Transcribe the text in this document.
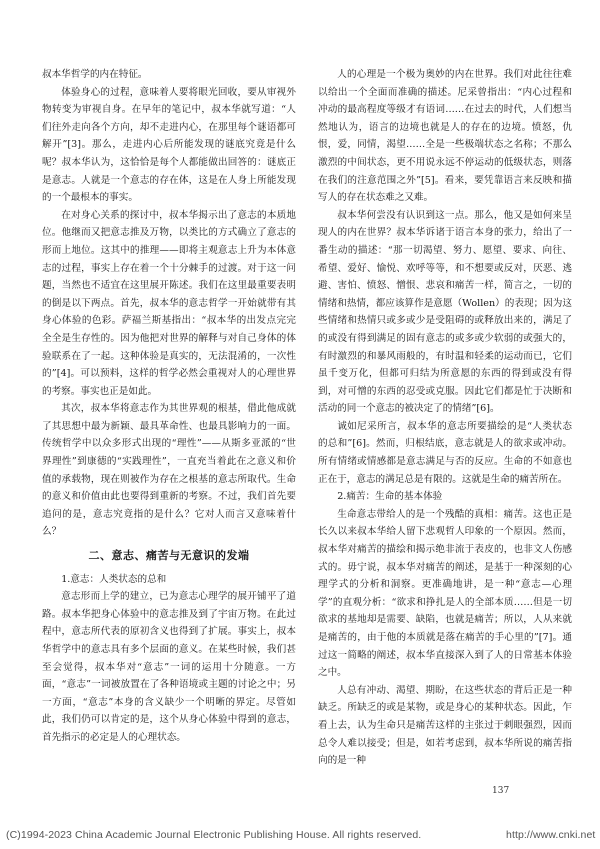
叔本华哲学的内在特征。

体验身心的过程，意味着人要将眼光回收，要从审视外物转变为审视自身。在早年的笔记中，叔本华就写道：“人们往外走向各个方向，却不走进内心，在那里每个谜语都可解开”[3]。那么，走进内心后所能发现的谜底究竟是什么呢？叔本华认为，这恰恰是每个人都能做出回答的：谜底正是意志。人就是一个意志的存在体，这是在人身上所能发现的一个最根本的事实。

在对身心关系的探讨中，叔本华揭示出了意志的本质地位。他继而又把意志推及万物，以类比的方式确立了意志的形而上地位。这其中的推理——即将主观意志上升为本体意志的过程，事实上存在着一个十分棘手的过渡。对于这一问题，当然也不适宜在这里展开陈述。我们在这里最重要表明的倒是以下两点。首先，叔本华的意志哲学一开始就带有其身心体验的色彩。萨福兰斯基指出：“叔本华的出发点完完全全是生存性的。因为他把对世界的解释与对自己身体的体验联系在了一起。这种体验是真实的，无法混淆的，一次性的”[4]。可以预料，这样的哲学必然会重视对人的心理世界的考察。事实也正是如此。

其次，叔本华将意志作为其世界观的根基，借此他成就了其思想中最为新颖、最具革命性、也最具影响力的一面。传统哲学中以众多形式出现的“理性”——从斯多亚派的“世界理性”到康德的“实践理性”，一直充当着此在之意义和价值的承载物，现在则被作为存在之根基的意志所取代。生命的意义和价值由此也要得到重新的考察。不过，我们首先要追问的是，意志究竟指的是什么？它对人而言又意味着什么？

二、意志、痛苦与无意识的发端
1.意志：人类状态的总和

意志形而上学的建立，已为意志心理学的展开铺平了道路。叔本华把身心体验中的意志推及到了宇宙万物。在此过程中，意志所代表的原初含义也得到了扩展。事实上，叔本华哲学中的意志具有多个层面的意义。在某些时候，我们甚至会觉得，叔本华对“意志”一词的运用十分随意。一方面，“意志”一词被放置在了各种语境或主题的讨论之中；另一方面，“意志”本身的含义缺少一个明晰的界定。尽管如此，我们仍可以肯定的是，这个从身心体验中得到的意志，首先指示的必定是人的心理状态。

人的心理是一个极为奥妙的内在世界。我们对此往往难以给出一个全面而准确的描述。尼采曾指出：“内心过程和冲动的最高程度等级才有语词……在过去的时代，人们想当然地认为，语言的边境也就是人的存在的边境。愤怒，仇恨，爱，同情，渴望……全是一些极端状态之名称；不那么激烈的中间状态，更不用说永远不停运动的低级状态，则落在我们的注意范围之外”[5]。看来，要凭靠语言来反映和描写人的存在状态难之又难。

叔本华何尝没有认识到这一点。那么，他又是如何来呈现人的内在世界？叔本华诉诸于语言本身的张力，给出了一番生动的描述：“那一切渴望、努力、愿望、要求、向往、希望、爱好、愉悦、欢呼等等，和不想要或反对，厌恶、逃避、害怕、愤怒、憎恨、悲哀和痛苦一样，简言之，一切的情绪和热情，都应该算作是意愿（Wollen）的表现；因为这些情绪和热情只或多或少是受阻碍的或释放出来的，满足了的或没有得到满足的固有意志的或多或少软弱的或强大的，有时激烈的和暴风雨般的，有时温和轻柔的运动而已，它们虽千变万化，但都可归结为所意愿的东西的得到或没有得到，对可憎的东西的忍受或克服。因此它们都是忙于决断和活动的同一个意志的被决定了的情绪”[6]。

诚如尼采所言，叔本华的意志所要描绘的是“人类状态的总和”[6]。然而，归根结底，意志就是人的欲求或冲动。所有情绪或情感都是意志满足与否的反应。生命的不如意也正在于，意志的满足总是有限的。这就是生命的痛苦所在。

2.痛苦：生命的基本体验

生命意志带给人的是一个残酷的真相：痛苦。这也正是长久以来叔本华给人留下悲观哲人印象的一个原因。然而，叔本华对痛苦的描绘和揭示绝非流于表皮的，也非文人伤感式的。毋宁说，叔本华对痛苦的阐述，是基于一种深刻的心理学式的分析和洞察。更准确地讲，是一种“意志—心理学”的直观分析：“欲求和挣扎是人的全部本质……但是一切欲求的基地却是需要、缺陷，也就是痛苦；所以，人从来就是痛苦的，由于他的本质就是落在痛苦的手心里的”[7]。通过这一简略的阐述，叔本华直接深入到了人的日常基本体验之中。

人总有冲动、渴望、期盼，在这些状态的背后正是一种缺乏。所缺乏的或是某物，或是身心的某种状态。因此，乍看上去，认为生命只是痛苦这样的主张过于刺眼强烈，因而总令人难以接受；但是，如若考虑到，叔本华所说的痛苦指向的是一种

137
(C)1994-2023 China Academic Journal Electronic Publishing House. All rights reserved.	http://www.cnki.net
